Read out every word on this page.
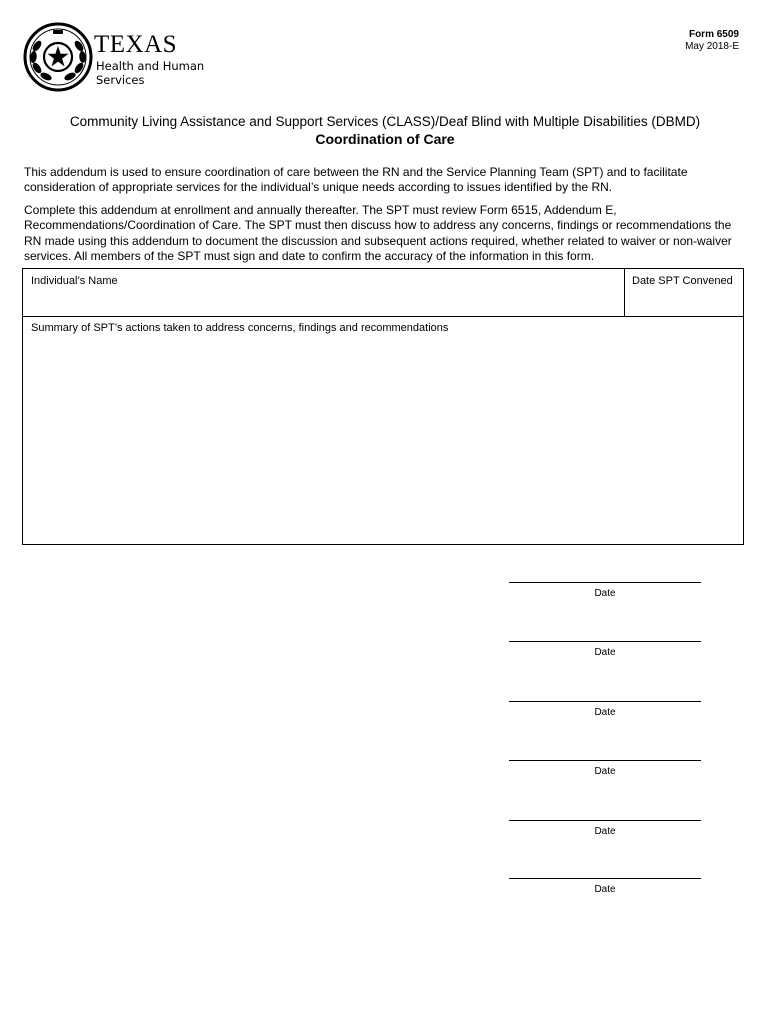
TEXAS
Health and Human Services
Form 6509
May 2018-E
Community Living Assistance and Support Services (CLASS)/Deaf Blind with Multiple Disabilities (DBMD)
Coordination of Care
This addendum is used to ensure coordination of care between the RN and the Service Planning Team (SPT) and to facilitate consideration of appropriate services for the individual’s unique needs according to issues identified by the RN.
Complete this addendum at enrollment and annually thereafter. The SPT must review Form 6515, Addendum E, Recommendations/Coordination of Care. The SPT must then discuss how to address any concerns, findings or recommendations the RN made using this addendum to document the discussion and subsequent actions required, whether related to waiver or non-waiver services. All members of the SPT must sign and date to confirm the accuracy of the information in this form.
Individual’s Name	Date SPT Convened
Summary of SPT’s actions taken to address concerns, findings and recommendations
Date
Date
Date
Date
Date
Date
